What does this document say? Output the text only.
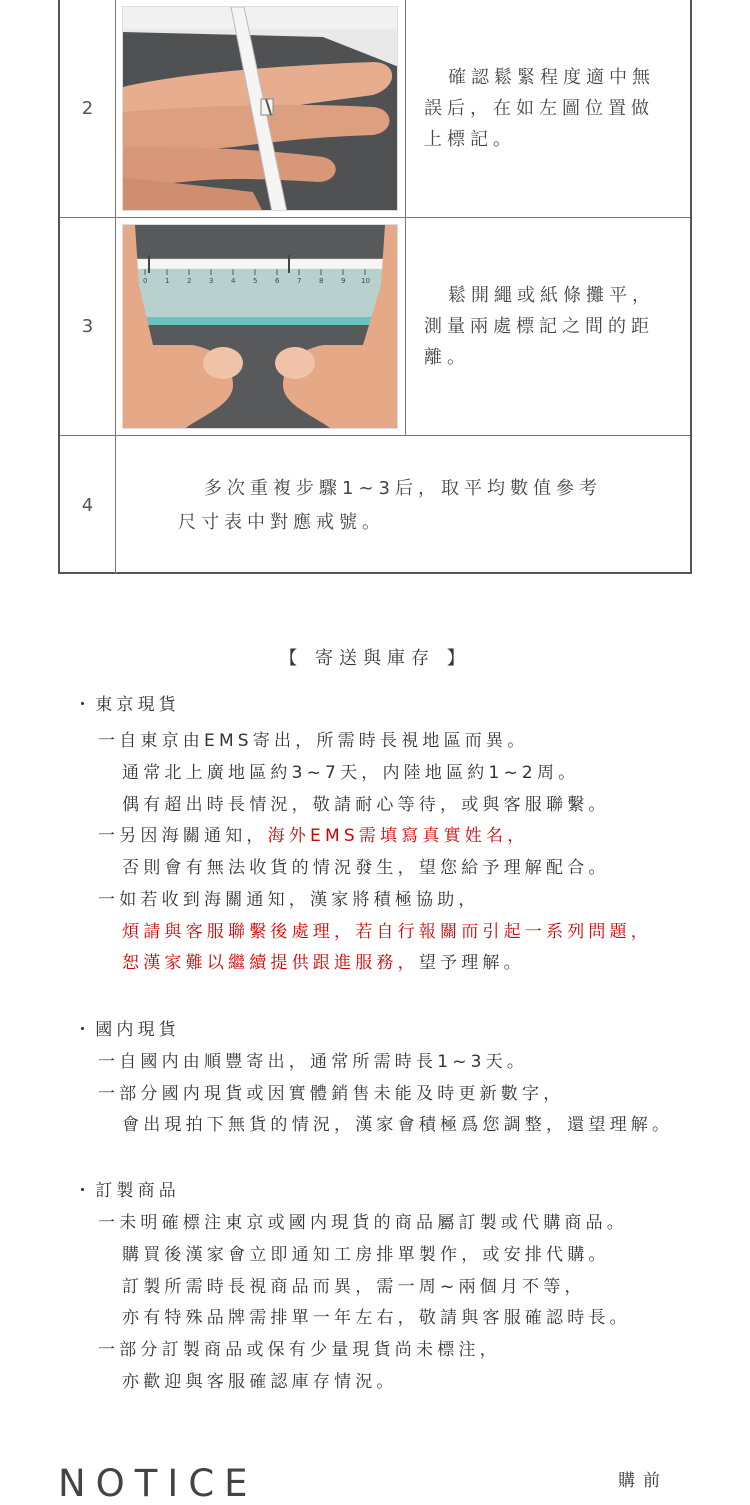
2
確認鬆緊程度適中無
誤后，在如左圖位置做
上標記。
3
0	1	2	3	4	5	6	7	8	9 10
鬆開繩或紙條攤平，
測量兩處標記之間的距
離。
4
多次重複步驟1~3后，取平均數值參考
尺寸表中對應戒號。
【 寄送與庫存 】
・東京現貨
一自東京由EMS寄出，所需時長視地區而異。
通常北上廣地區約3~7天，内陸地區約1~2周。
偶有超出時長情況，敬請耐心等待，或與客服聯繫。
一另因海關通知，海外EMS需填寫真實姓名，
否則會有無法收貨的情況發生，望您給予理解配合。
一如若收到海關通知，漢家將積極協助，
煩請與客服聯繫後處理，若自行報關而引起一系列問題，
恕漢家難以繼續提供跟進服務，望予理解。
・國内現貨
一自國内由順豐寄出，通常所需時長1~3天。
一部分國内現貨或因實體銷售未能及時更新數字，
會出現拍下無貨的情況，漢家會積極爲您調整，還望理解。
・訂製商品
一未明確標注東京或國内現貨的商品屬訂製或代購商品。
購買後漢家會立即通知工房排單製作，或安排代購。
訂製所需時長視商品而異，需一周~兩個月不等，
亦有特殊品牌需排單一年左右，敬請與客服確認時長。
一部分訂製商品或保有少量現貨尚未標注，
亦歡迎與客服確認庫存情況。
NOTICE	購前
